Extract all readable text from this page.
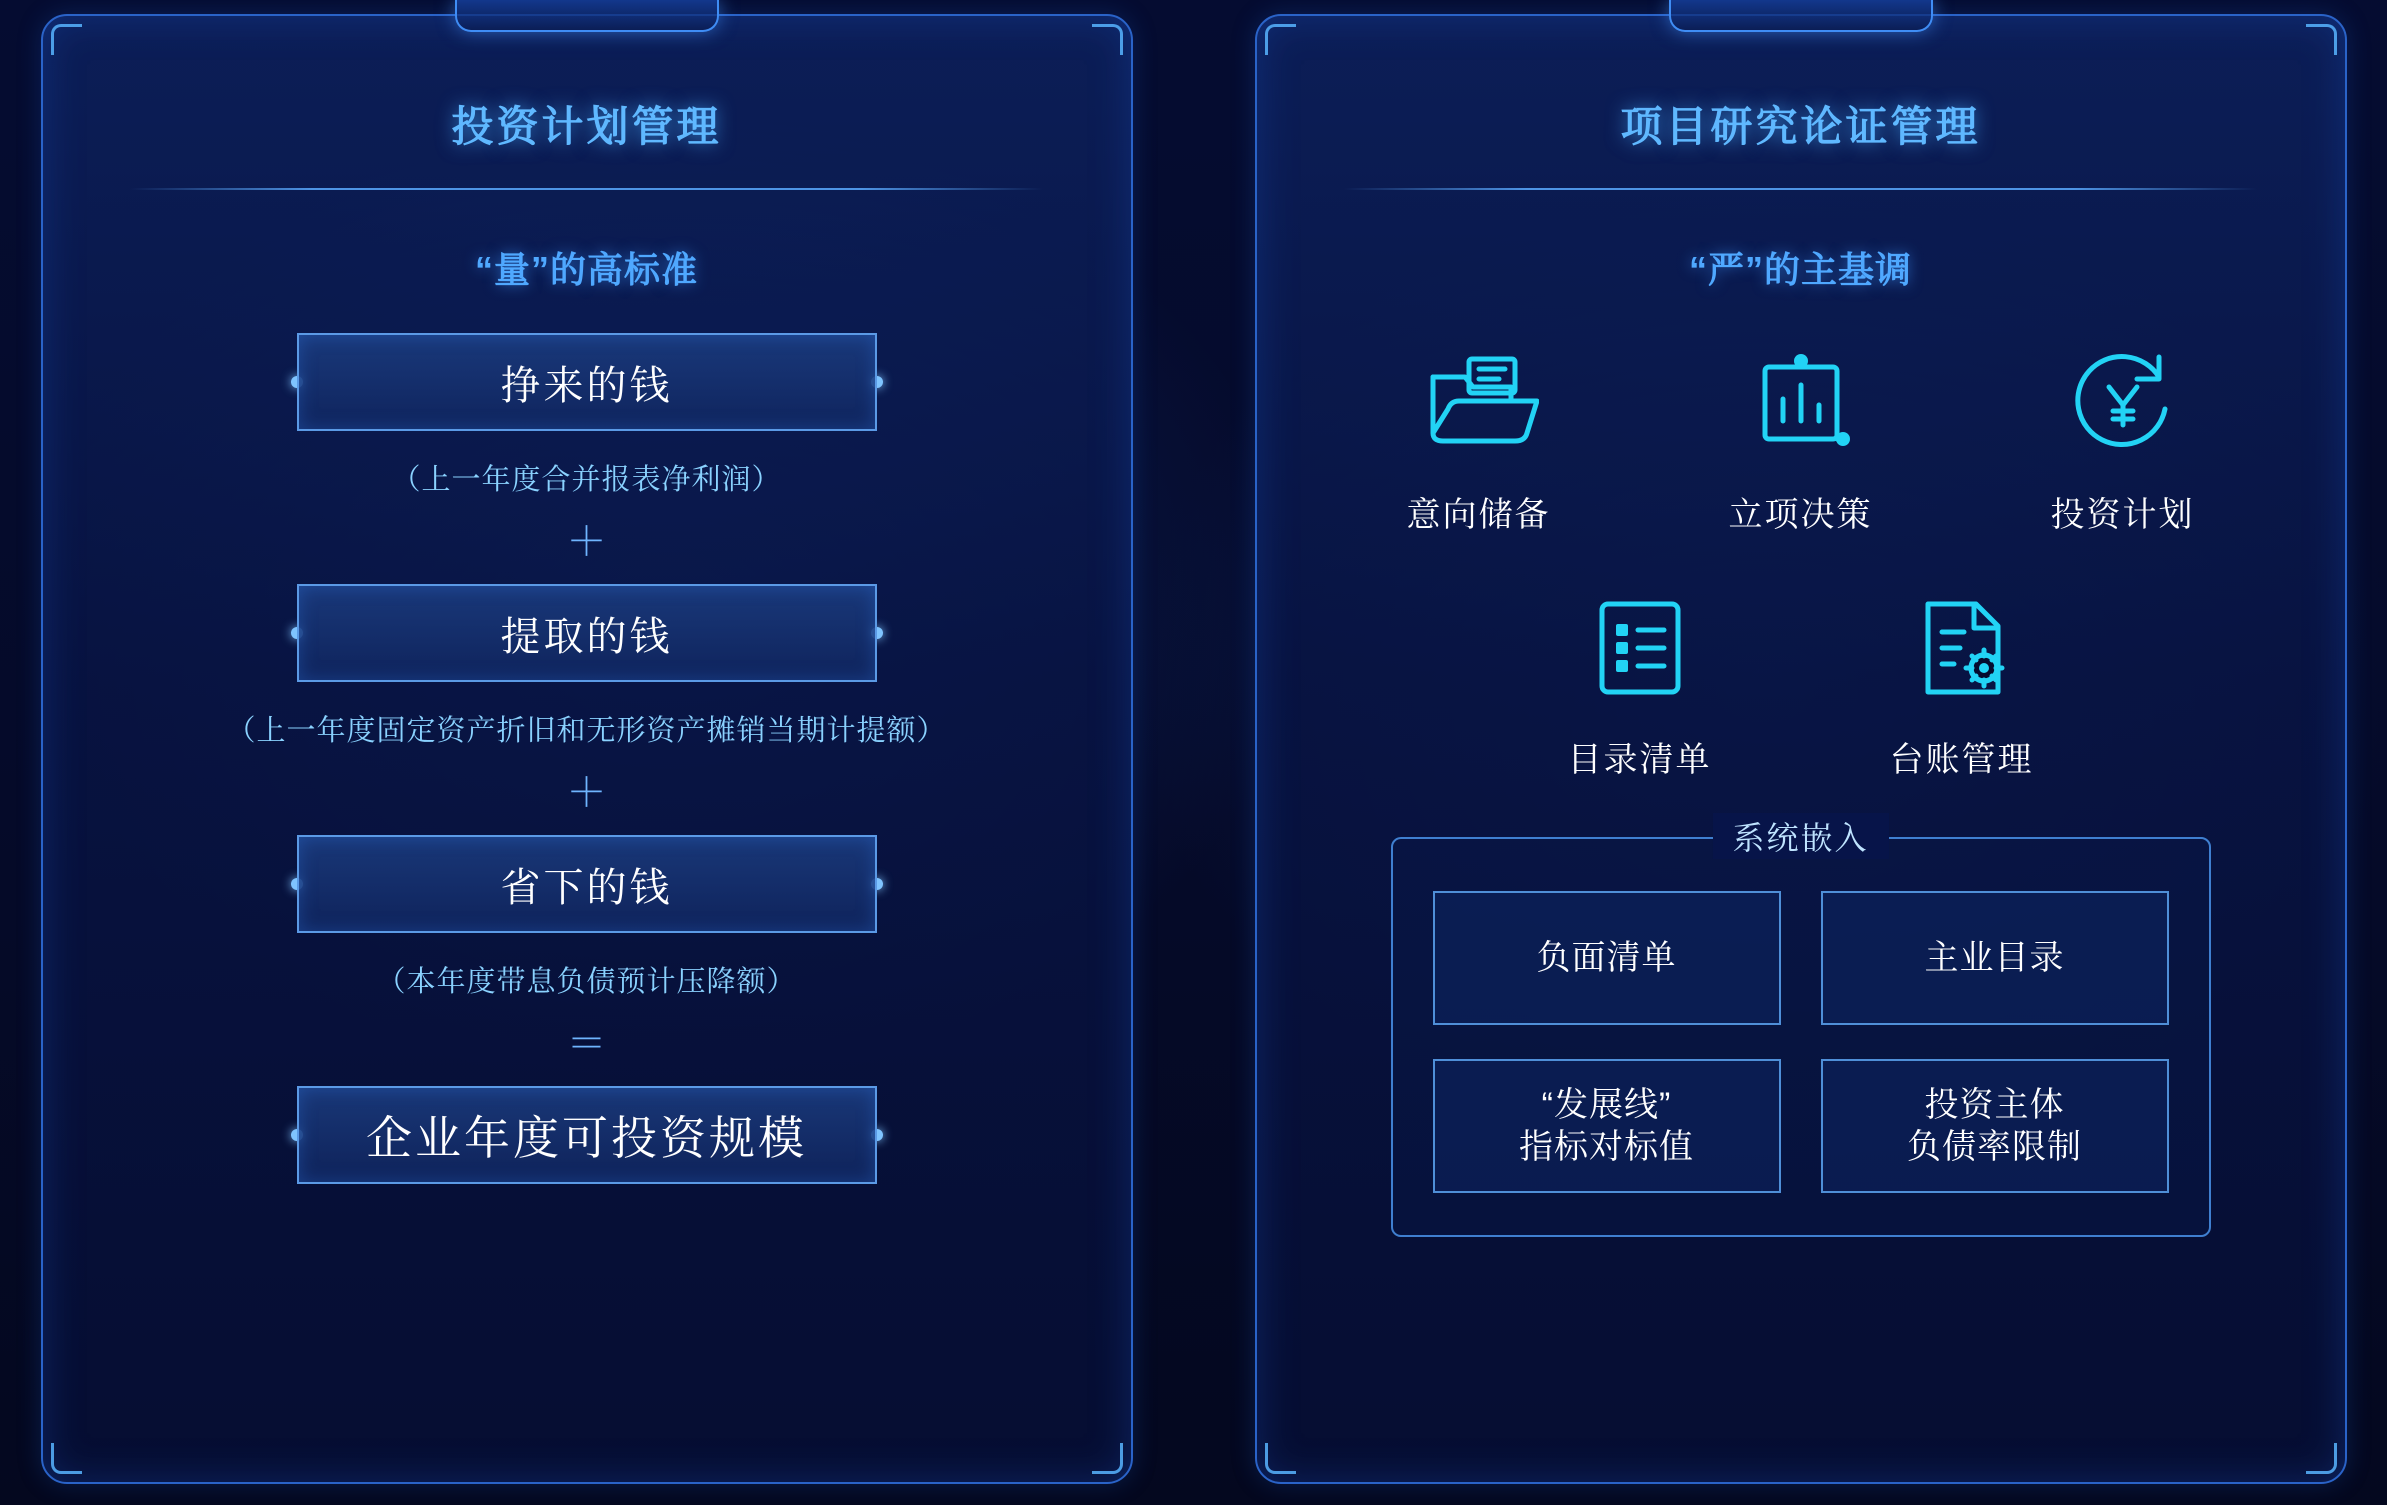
投资计划管理
“量”的高标准
挣来的钱
（上一年度合并报表净利润）
＋
提取的钱
（上一年度固定资产折旧和无形资产摊销当期计提额）
＋
省下的钱
（本年度带息负债预计压降额）
＝
企业年度可投资规模
项目研究论证管理
“严”的主基调
意向储备	立项决策	投资计划
目录清单	台账管理
系统嵌入
负面清单	主业目录
“发展线”
指标对标值
投资主体
负债率限制
